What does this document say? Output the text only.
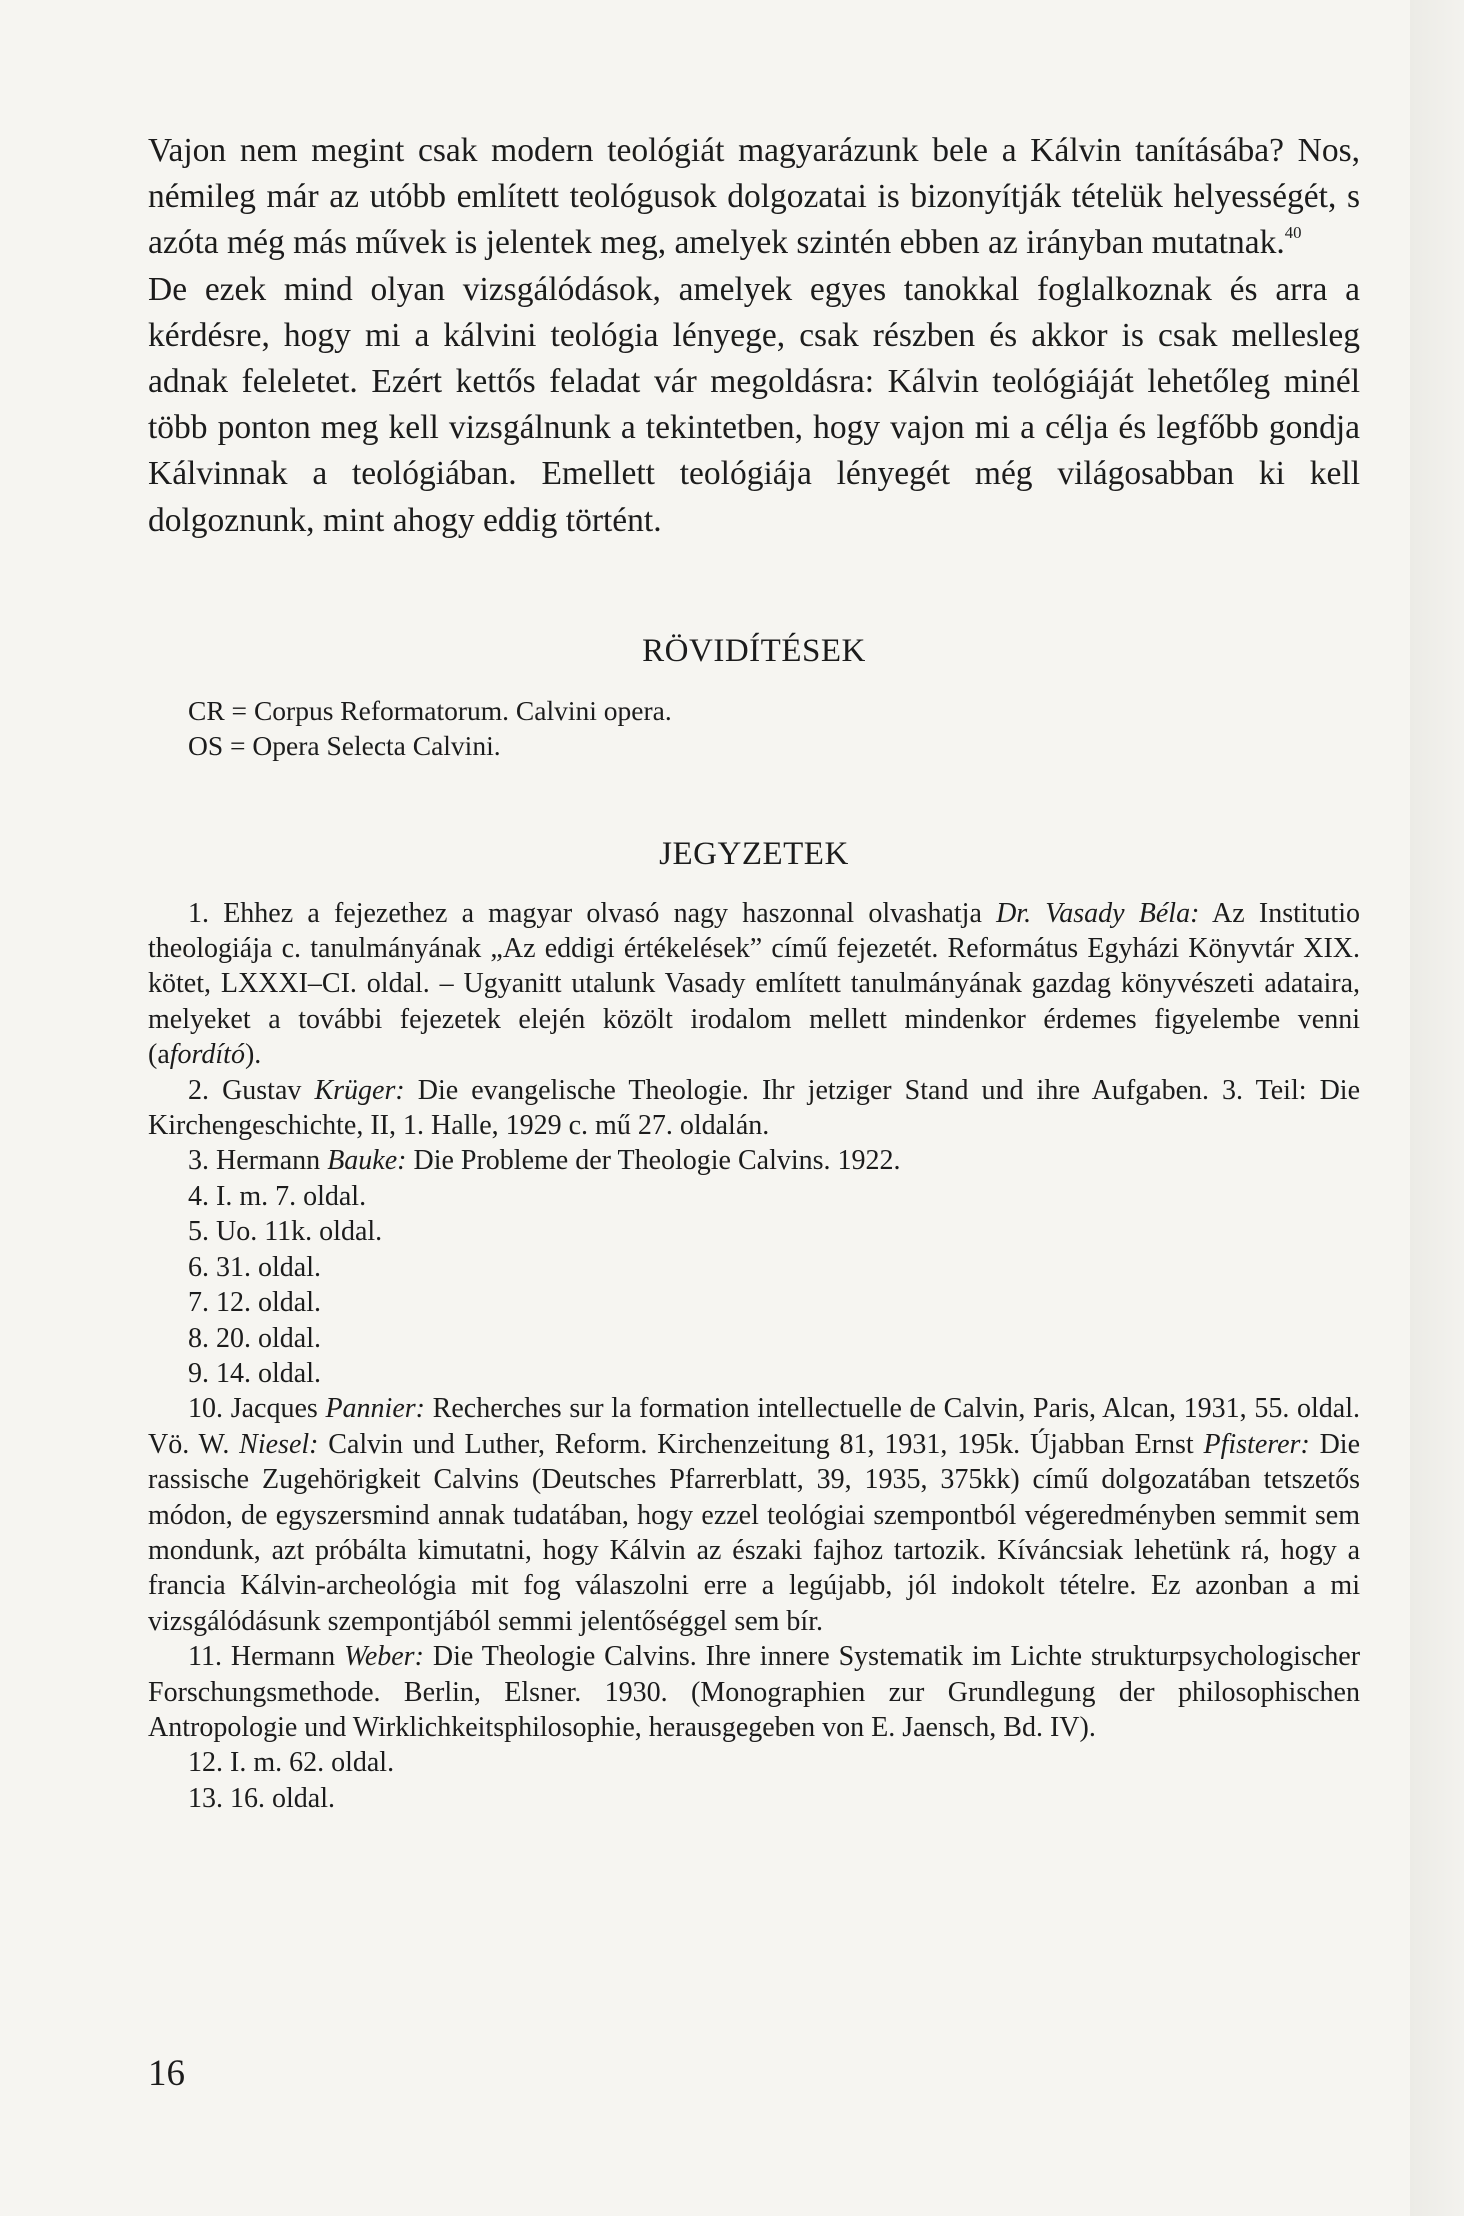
Vajon nem megint csak modern teológiát magyarázunk bele a Kálvin tanításába? Nos, némileg már az utóbb említett teológusok dolgozatai is bizonyítják tételük helyességét, s azóta még más művek is jelentek meg, amelyek szintén ebben az irányban mutatnak.$^{40}$

De ezek mind olyan vizsgálódások, amelyek egyes tanokkal foglalkoznak és arra a kérdésre, hogy mi a kálvini teológia lényege, csak részben és akkor is csak mellesleg adnak feleletet. Ezért kettős feladat vár megoldásra: Kálvin teológiáját lehetőleg minél több ponton meg kell vizsgálnunk a tekintetben, hogy vajon mi a célja és legfőbb gondja Kálvinnak a teológiában. Emellett teológiája lényegét még világosabban ki kell dolgoznunk, mint ahogy eddig történt.

RÖVIDÍTÉSEK
CR = Corpus Reformatorum. Calvini opera.
OS = Opera Selecta Calvini.
JEGYZETEK

1. Ehhez a fejezethez a magyar olvasó nagy haszonnal olvashatja Dr. Vasady Béla: Az Institutio theologiája c. tanulmányának „Az eddigi értékelések” című fejezetét. Református Egyházi Könyvtár XIX. kötet, LXXXI–CI. oldal. – Ugyanitt utalunk Vasady említett tanulmányának gazdag könyvészeti adataira, melyeket a további fejezetek elején közölt irodalom mellett mindenkor érdemes figyelembe venni (afordító).

2. Gustav Krüger: Die evangelische Theologie. Ihr jetziger Stand und ihre Aufgaben. 3. Teil: Die Kirchengeschichte, II, 1. Halle, 1929 c. mű 27. oldalán.

3. Hermann Bauke: Die Probleme der Theologie Calvins. 1922.

4. I. m. 7. oldal.

5. Uo. 11k. oldal.

6. 31. oldal.

7. 12. oldal.

8. 20. oldal.

9. 14. oldal.

10. Jacques Pannier: Recherches sur la formation intellectuelle de Calvin, Paris, Alcan, 1931, 55. oldal. Vö. W. Niesel: Calvin und Luther, Reform. Kirchenzeitung 81, 1931, 195k. Újabban Ernst Pfisterer: Die rassische Zugehörigkeit Calvins (Deutsches Pfarrerblatt, 39, 1935, 375kk) című dolgozatában tetszetős módon, de egyszersmind annak tudatában, hogy ezzel teológiai szempontból végeredményben semmit sem mondunk, azt próbálta kimutatni, hogy Kálvin az északi fajhoz tartozik. Kíváncsiak lehetünk rá, hogy a francia Kálvin-archeológia mit fog válaszolni erre a legújabb, jól indokolt tételre. Ez azonban a mi vizsgálódásunk szempontjából semmi jelentőséggel sem bír.

11. Hermann Weber: Die Theologie Calvins. Ihre innere Systematik im Lichte strukturpsychologischer Forschungsmethode. Berlin, Elsner. 1930. (Monographien zur Grundlegung der philosophischen Antropologie und Wirklichkeitsphilosophie, herausgegeben von E. Jaensch, Bd. IV).

12. I. m. 62. oldal.

13. 16. oldal.

16
